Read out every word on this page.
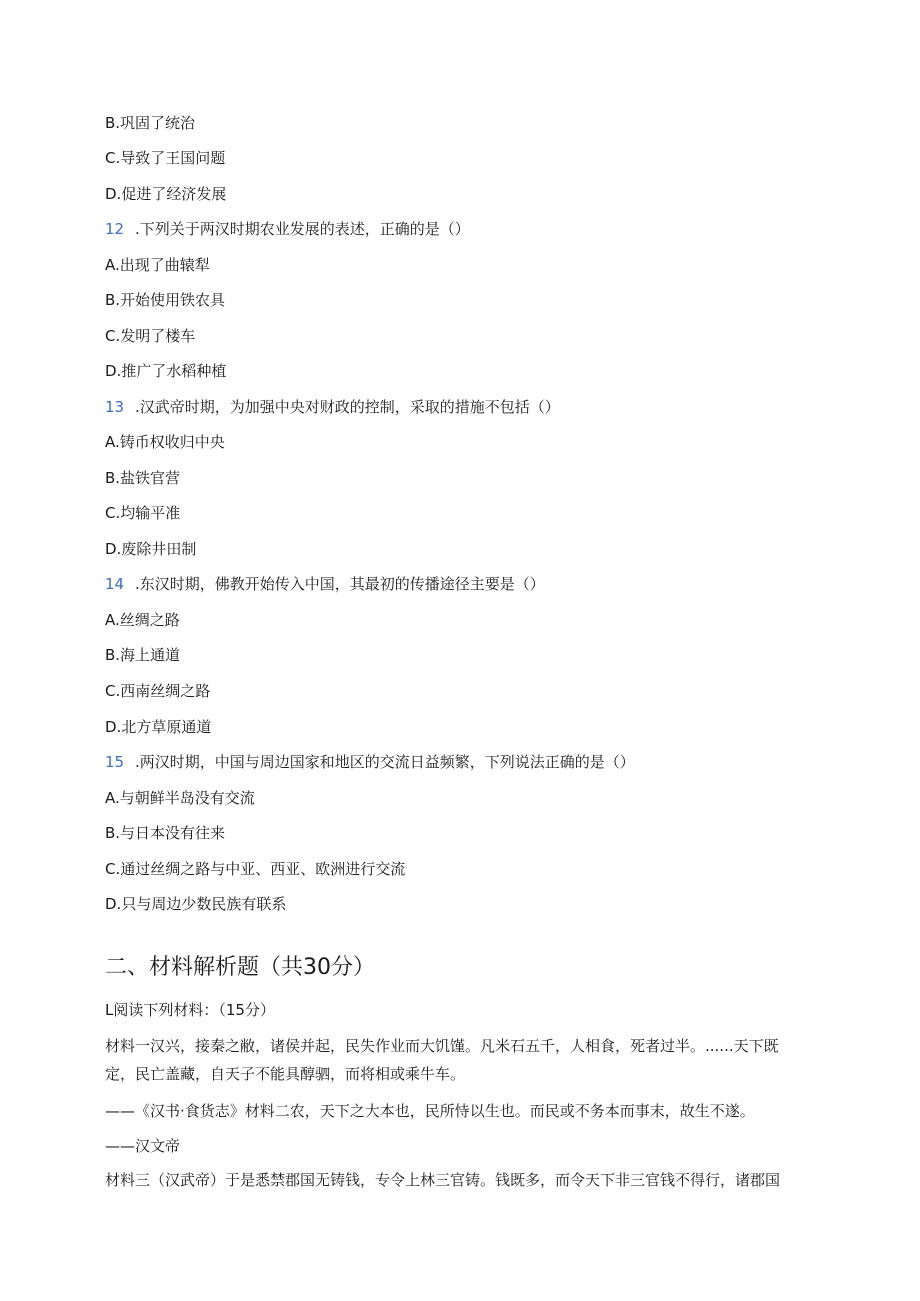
B.巩固了统治
C.导致了王国问题
D.促进了经济发展
12 .下列关于两汉时期农业发展的表述，正确的是（）
A.出现了曲辕犁
B.开始使用铁农具
C.发明了楼车
D.推广了水稻种植
13 .汉武帝时期，为加强中央对财政的控制，采取的措施不包括（）
A.铸币权收归中央
B.盐铁官营
C.均输平准
D.废除井田制
14 .东汉时期，佛教开始传入中国，其最初的传播途径主要是（）
A.丝绸之路
B.海上通道
C.西南丝绸之路
D.北方草原通道
15 .两汉时期，中国与周边国家和地区的交流日益频繁，下列说法正确的是（）
A.与朝鲜半岛没有交流
B.与日本没有往来
C.通过丝绸之路与中亚、西亚、欧洲进行交流
D.只与周边少数民族有联系
二、材料解析题（共30分）
L阅读下列材料：（15分）
材料一汉兴，接秦之敝，诸侯并起，民失作业而大饥馑。凡米石五千，人相食，死者过半。......天下既定，民亡盖藏，自天子不能具醇驷，而将相或乘牛车。
——《汉书·食货志》材料二农，天下之大本也，民所恃以生也。而民或不务本而事末，故生不遂。
——汉文帝
材料三（汉武帝）于是悉禁郡国无铸钱，专令上林三官铸。钱既多，而令天下非三官钱不得行，诸郡国
